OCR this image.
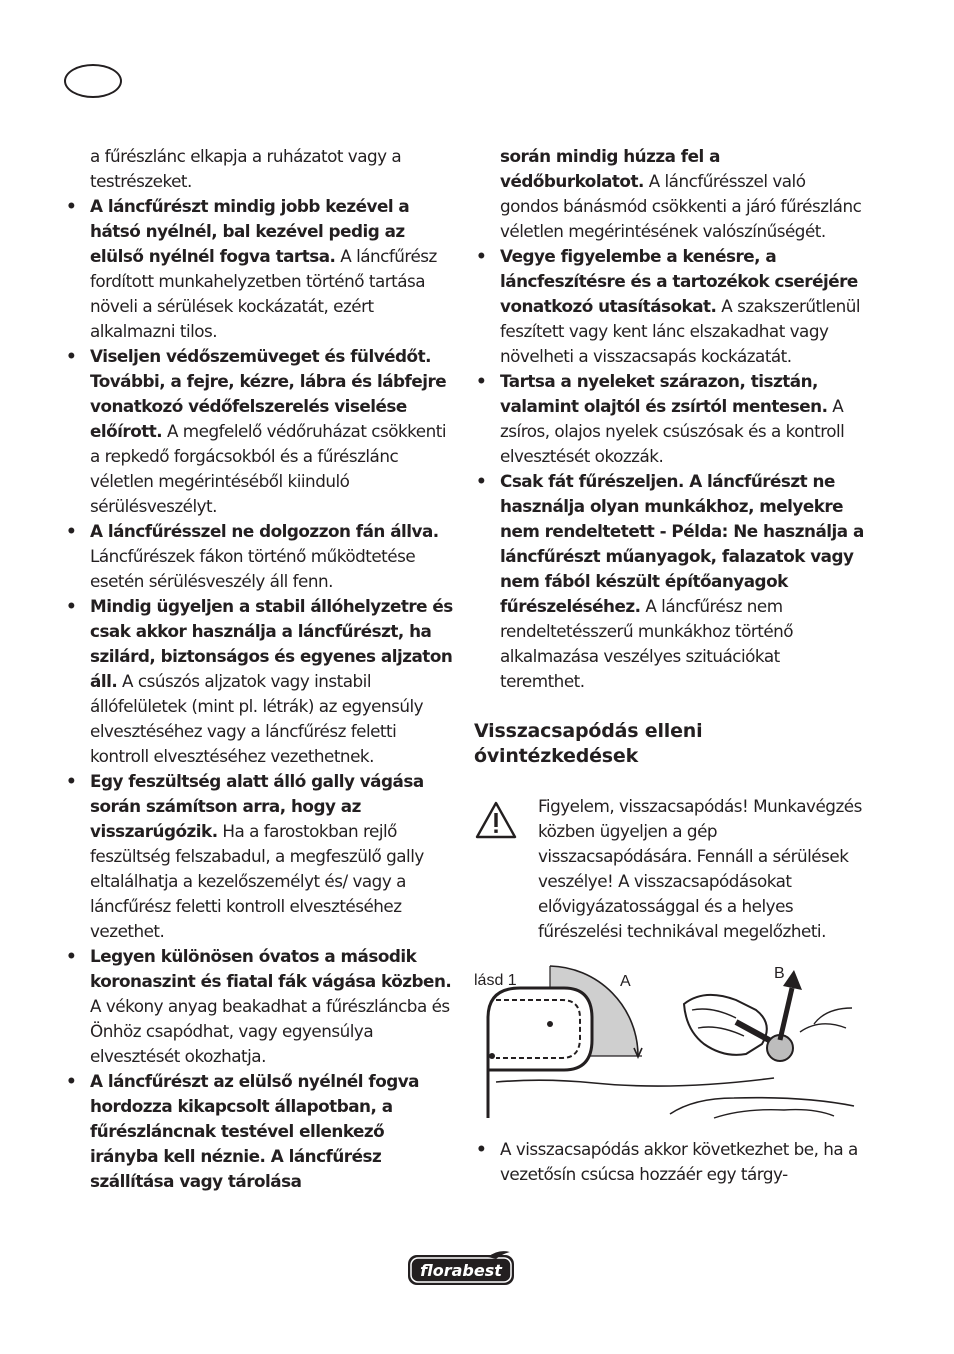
a fűrészlánc elkapja a ruházatot vagy a testrészeket.

• A láncfűrészt mindig jobb kezével a hátsó nyélnél, bal kezével pedig az elülső nyélnél fogva tartsa. A láncfűrész fordított munkahelyzetben történő tartása növeli a sérülések kockázatát, ezért alkalmazni tilos.
• Viseljen védőszemüveget és fülvédőt. További, a fejre, kézre, lábra és lábfejre vonatkozó védőfelszerelés viselése előírott. A megfelelő védőruházat csökkenti a repkedő forgácsokból és a fűrészlánc véletlen megérintéséből kiinduló sérülésveszélyt.
• A láncfűrésszel ne dolgozzon fán állva. Láncfűrészek fákon történő működtetése esetén sérülésveszély áll fenn.
• Mindig ügyeljen a stabil állóhelyzetre és csak akkor használja a láncfűrészt, ha szilárd, biztonságos és egyenes aljzaton áll. A csúszós aljzatok vagy instabil állófelületek (mint pl. létrák) az egyensúly elvesztéséhez vagy a láncfűrész feletti kontroll elvesztéséhez vezethetnek.
• Egy feszültség alatt álló gally vágása során számítson arra, hogy az visszarúgózik. Ha a farostokban rejlő feszültség felszabadul, a megfeszülő gally eltalálhatja a kezelőszemélyt és/ vagy a láncfűrész feletti kontroll elvesztéséhez vezethet.
• Legyen különösen óvatos a második koronaszint és fiatal fák vágása közben. A vékony anyag beakadhat a fűrészláncba és Önhöz csapódhat, vagy egyensúlya elvesztését okozhatja.
• A láncfűrészt az elülső nyélnél fogva hordozza kikapcsolt állapotban, a fűrészláncnak testével ellenkező irányba kell néznie. A láncfűrész szállítása vagy tárolása

során mindig húzza fel a védőburkolatot. A láncfűrésszel való gondos bánásmód csökkenti a járó fűrészlánc véletlen megérintésének valószínűségét.

• Vegye figyelembe a kenésre, a láncfeszítésre és a tartozékok cseréjére vonatkozó utasításokat. A szakszerűtlenül feszített vagy kent lánc elszakadhat vagy növelheti a visszacsapás kockázatát.
• Tartsa a nyeleket szárazon, tisztán, valamint olajtól és zsírtól mentesen. A zsíros, olajos nyelek csúszósak és a kontroll elvesztését okozzák.
• Csak fát fűrészeljen. A láncfűrészt ne használja olyan munkákhoz, melyekre nem rendeltetett - Példa: Ne használja a láncfűrészt műanyagok, falazatok vagy nem fából készült építőanyagok fűrészeléséhez. A láncfűrész nem rendeltetésszerű munkákhoz történő alkalmazása veszélyes szituációkat teremthet.
Visszacsapódás elleni óvintézkedések
Figyelem, visszacsapódás! Munkavégzés közben ügyeljen a gép visszacsapódására. Fennáll a sérülések veszélye! A visszacsapódásokat elővigyázatossággal és a helyes fűrészelési technikával megelőzheti.
lásd 1	A	B
• A visszacsapódás akkor következhet be, ha a vezetősín csúcsa hozzáér egy tárgy-
florabest
